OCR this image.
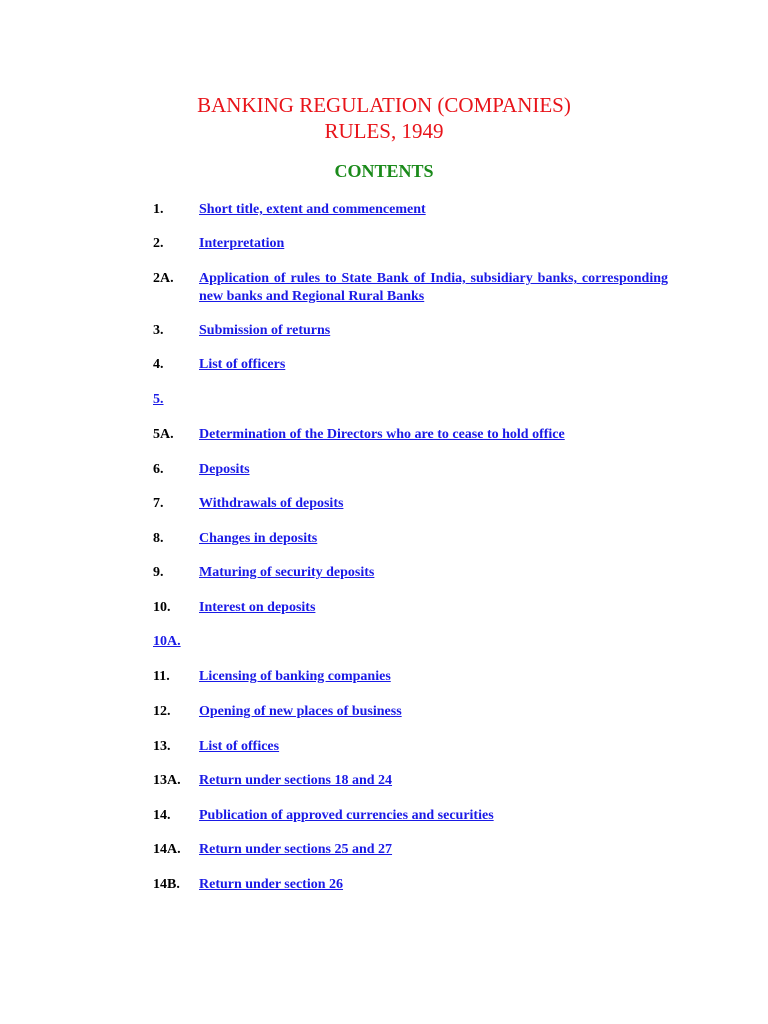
BANKING REGULATION (COMPANIES)
RULES, 1949
CONTENTS
1.	Short title, extent and commencement
2.	Interpretation
2A. Application of rules to State Bank of India, subsidiary banks, corresponding new banks and Regional Rural Banks
3.	Submission of returns
4.	List of officers
5.
5A. Determination of the Directors who are to cease to hold office
6.	Deposits
7.	Withdrawals of deposits
8.	Changes in deposits
9.	Maturing of security deposits
10. Interest on deposits
10A.
11. Licensing of banking companies
12. Opening of new places of business
13. List of offices
13A. Return under sections 18 and 24
14. Publication of approved currencies and securities
14A. Return under sections 25 and 27
14B. Return under section 26
